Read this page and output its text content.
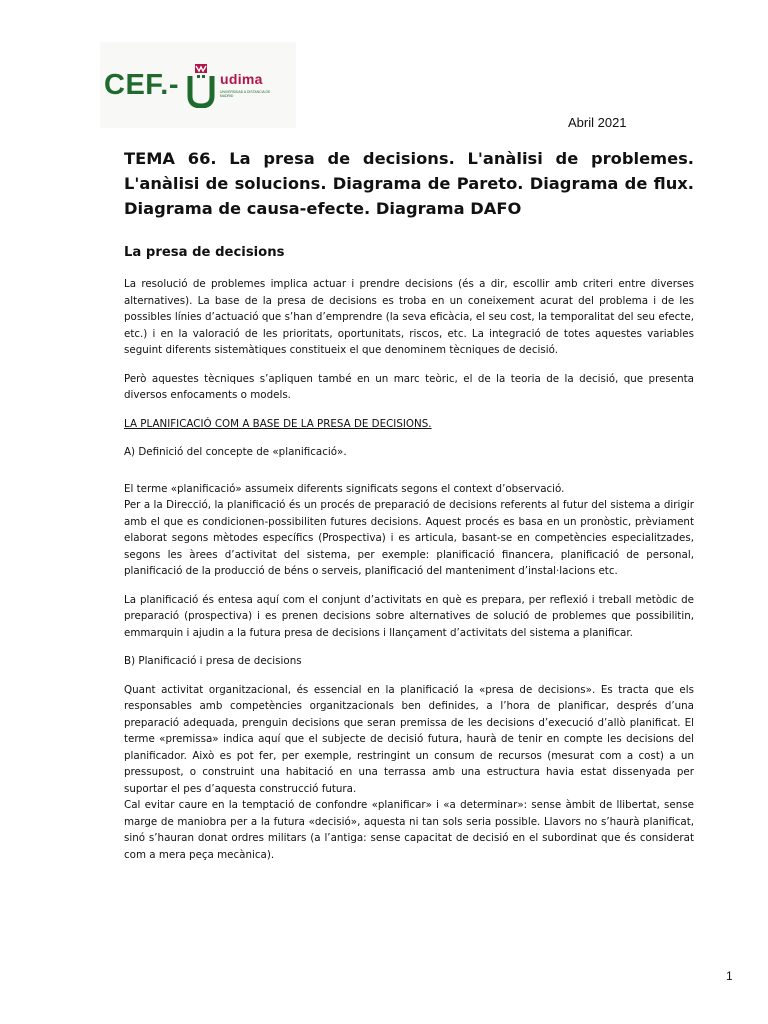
CEF.-	udima
UNIVERSIDAD A DISTANCIA DE MADRID
Abril 2021
TEMA 66. La presa de decisions. L'anàlisi de problemes. L'anàlisi de solucions. Diagrama de Pareto. Diagrama de flux. Diagrama de causa-efecte. Diagrama DAFO
La presa de decisions

La resolució de problemes implica actuar i prendre decisions (és a dir, escollir amb criteri entre diverses alternatives). La base de la presa de decisions es troba en un coneixement acurat del problema i de les possibles línies d’actuació que s’han d’emprendre (la seva eficàcia, el seu cost, la temporalitat del seu efecte, etc.) i en la valoració de les prioritats, oportunitats, riscos, etc. La integració de totes aquestes variables seguint diferents sistemàtiques constitueix el que denominem tècniques de decisió.

Però aquestes tècniques s’apliquen també en un marc teòric, el de la teoria de la decisió, que presenta diversos enfocaments o models.

LA PLANIFICACIÓ COM A BASE DE LA PRESA DE DECISIONS.

A) Definició del concepte de «planificació».

El terme «planificació» assumeix diferents significats segons el context d’observació.

Per a la Direcció, la planificació és un procés de preparació de decisions referents al futur del sistema a dirigir amb el que es condicionen-possibiliten futures decisions. Aquest procés es basa en un pronòstic, prèviament elaborat segons mètodes específics (Prospectiva) i es articula, basant-se en competències especialitzades, segons les àrees d’activitat del sistema, per exemple: planificació financera, planificació de personal, planificació de la producció de béns o serveis, planificació del manteniment d’instal·lacions etc.

La planificació és entesa aquí com el conjunt d’activitats en què es prepara, per reflexió i treball metòdic de preparació (prospectiva) i es prenen decisions sobre alternatives de solució de problemes que possibilitin, emmarquin i ajudin a la futura presa de decisions i llançament d’activitats del sistema a planificar.

B) Planificació i presa de decisions

Quant activitat organitzacional, és essencial en la planificació la «presa de decisions». Es tracta que els responsables amb competències organitzacionals ben definides, a l’hora de planificar, després d’una preparació adequada, prenguin decisions que seran premissa de les decisions d’execució d’allò planificat. El terme «premissa» indica aquí que el subjecte de decisió futura, haurà de tenir en compte les decisions del planificador. Això es pot fer, per exemple, restringint un consum de recursos (mesurat com a cost) a un pressupost, o construint una habitació en una terrassa amb una estructura havia estat dissenyada per suportar el pes d’aquesta construcció futura.

Cal evitar caure en la temptació de confondre «planificar» i «a determinar»: sense àmbit de llibertat, sense marge de maniobra per a la futura «decisió», aquesta ni tan sols seria possible. Llavors no s’haurà planificat, sinó s’hauran donat ordres militars (a l’antiga: sense capacitat de decisió en el subordinat que és considerat com a mera peça mecànica).

1
